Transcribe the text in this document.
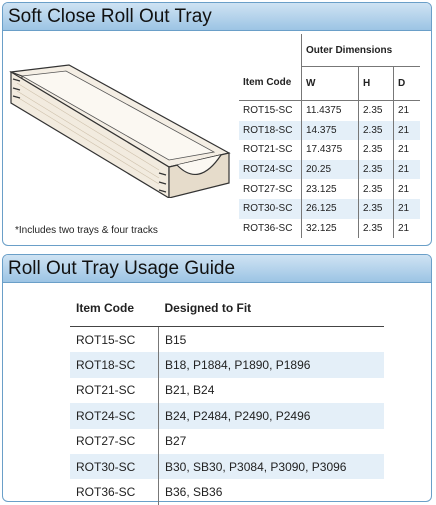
Soft Close Roll Out Tray
*Includes two trays & four tracks
	Outer Dimensions		
Item Code	W	H	D
ROT15-SC	11.4375	2.35	21
ROT18-SC	14.375	2.35	21
ROT21-SC	17.4375	2.35	21
ROT24-SC	20.25	2.35	21
ROT27-SC	23.125	2.35	21
ROT30-SC	26.125	2.35	21
ROT36-SC	32.125	2.35	21
Roll Out Tray Usage Guide
Item Code	Designed to Fit
ROT15-SC	B15
ROT18-SC	B18, P1884, P1890, P1896
ROT21-SC	B21, B24
ROT24-SC	B24, P2484, P2490, P2496
ROT27-SC	B27
ROT30-SC	B30, SB30, P3084, P3090, P3096
ROT36-SC	B36, SB36
